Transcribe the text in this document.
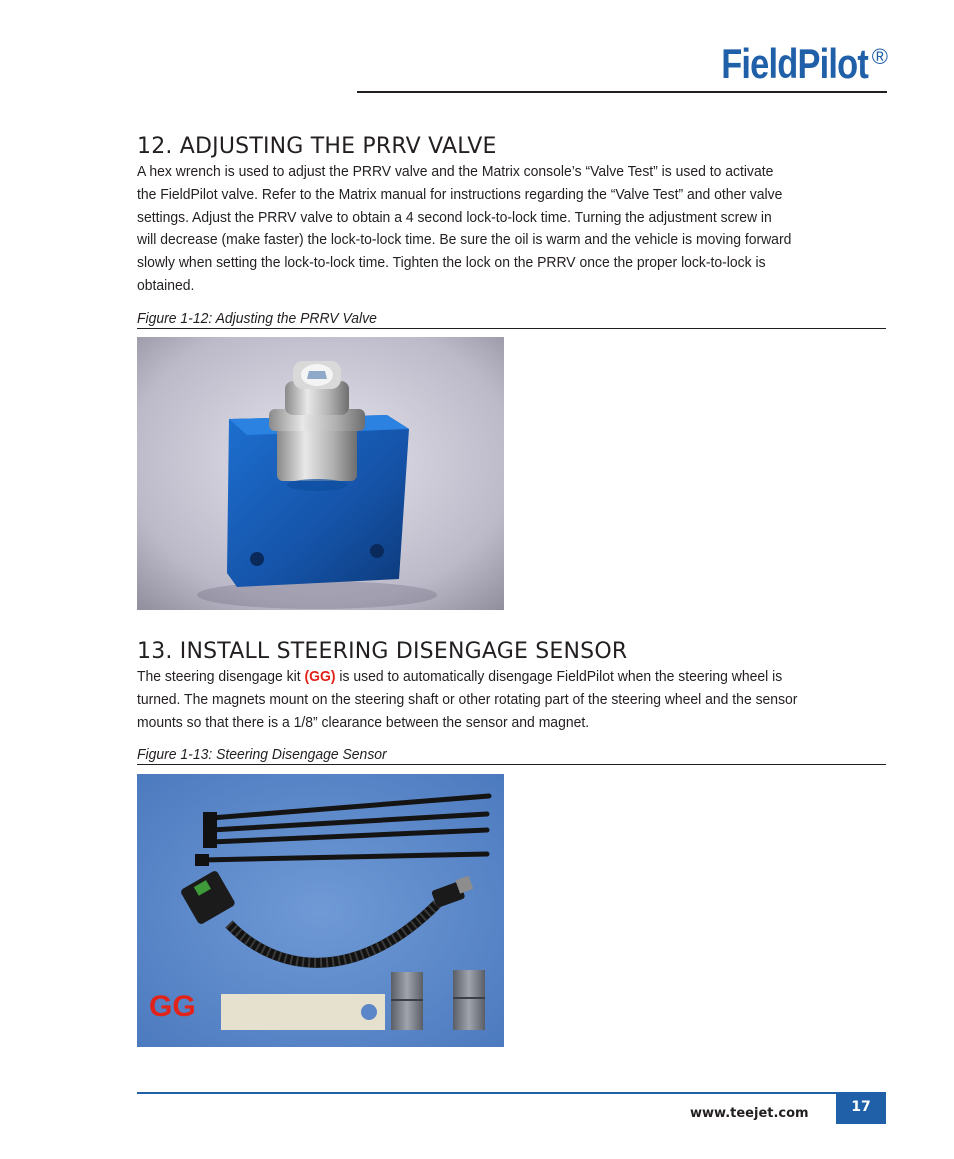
FieldPilot ®
12. ADJUSTING THE PRRV VALVE
A hex wrench is used to adjust the PRRV valve and the Matrix console’s “Valve Test” is used to activate
the FieldPilot valve. Refer to the Matrix manual for instructions regarding the “Valve Test” and other valve
settings. Adjust the PRRV valve to obtain a 4 second lock-to-lock time. Turning the adjustment screw in
will decrease (make faster) the lock-to-lock time. Be sure the oil is warm and the vehicle is moving forward
slowly when setting the lock-to-lock time. Tighten the lock on the PRRV once the proper lock-to-lock is
obtained.
Figure 1-12: Adjusting the PRRV Valve
13. INSTALL STEERING DISENGAGE SENSOR
The steering disengage kit (GG) is used to automatically disengage FieldPilot when the steering wheel is
turned. The magnets mount on the steering shaft or other rotating part of the steering wheel and the sensor
mounts so that there is a 1/8” clearance between the sensor and magnet.
Figure 1-13: Steering Disengage Sensor
GG
www.teejet.com	17
